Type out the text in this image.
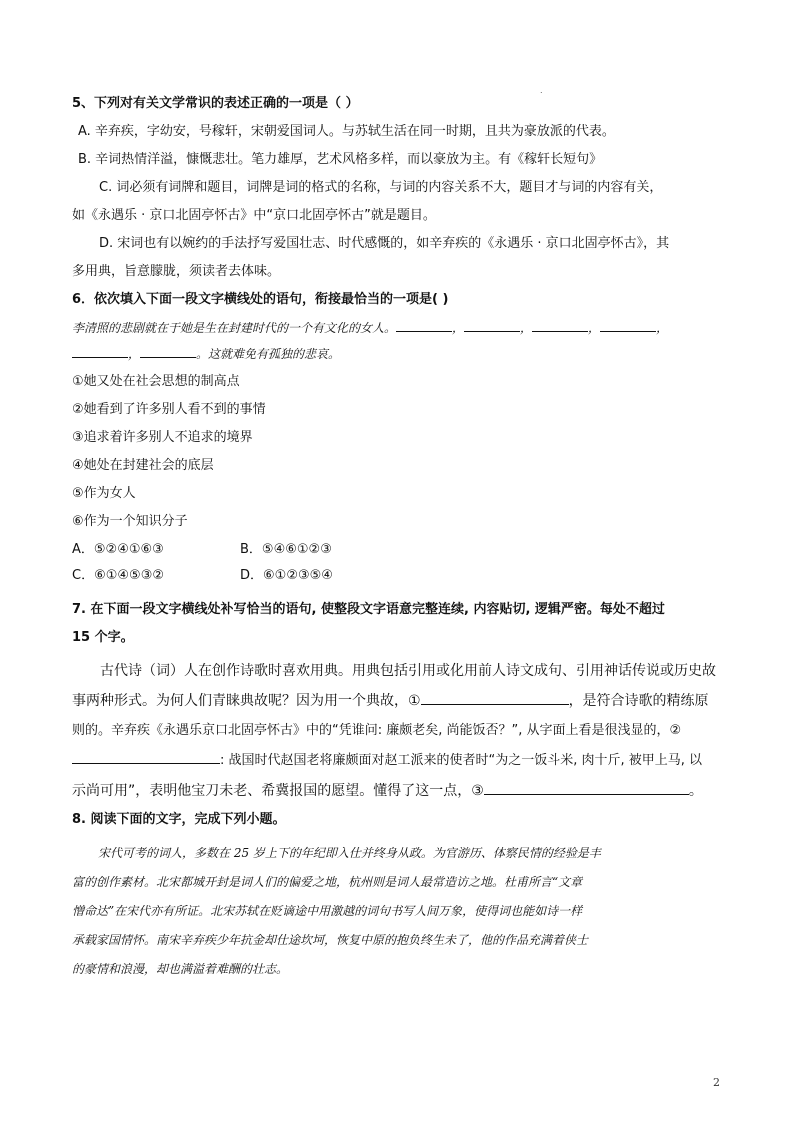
.

5、下列对有关文学常识的表述正确的一项是（ ）

A. 辛弃疾，字幼安，号稼轩，宋朝爱国词人。与苏轼生活在同一时期，且共为豪放派的代表。

B. 辛词热情洋溢，慷慨悲壮。笔力雄厚，艺术风格多样，而以豪放为主。有《稼轩长短句》

C. 词必须有词牌和题目，词牌是词的格式的名称，与词的内容关系不大，题目才与词的内容有关，

如《永遇乐 · 京口北固亭怀古》中“京口北固亭怀古”就是题目。

D. 宋词也有以婉约的手法抒写爱国壮志、时代感慨的，如辛弃疾的《永遇乐 · 京口北固亭怀古》，其

多用典，旨意朦胧，须读者去体味。

6．依次填入下面一段文字横线处的语句，衔接最恰当的一项是( )

李清照的悲剧就在于她是生在封建时代的一个有文化的女人。	，	，	，	，

，	。这就难免有孤独的悲哀。

①她又处在社会思想的制高点

②她看到了许多别人看不到的事情

③追求着许多别人不追求的境界

④她处在封建社会的底层

⑤作为女人

⑥作为一个知识分子

A．⑤②④①⑥③	B．⑤④⑥①②③
C．⑥①④⑤③②	D．⑥①②③⑤④

7. 在下面一段文字横线处补写恰当的语句, 使整段文字语意完整连续, 内容贴切, 逻辑严密。每处不超过

15 个字。

古代诗（词）人在创作诗歌时喜欢用典。用典包括引用或化用前人诗文成句、引用神话传说或历史故

事两种形式。为何人们青睐典故呢？因为用一个典故，①	，是符合诗歌的精练原

则的。辛弃疾《永遇乐京口北固亭怀古》中的“凭谁问: 廉颇老矣, 尚能饭否？”, 从字面上看是很浅显的，②

: 战国时代赵国老将廉颇面对赵工派来的使者时“为之一饭斗米, 肉十斤, 被甲上马, 以

示尚可用”，表明他宝刀未老、希冀报国的愿望。懂得了这一点，③	。

8. 阅读下面的文字，完成下列小题。

宋代可考的词人，多数在 25 岁上下的年纪即入仕并终身从政。为官游历、体察民情的经验是丰

富的创作素材。北宋都城开封是词人们的偏爱之地，杭州则是词人最常造访之地。杜甫所言“文章

憎命达”在宋代亦有所证。北宋苏轼在贬谪途中用激越的词句书写人间万象，使得词也能如诗一样

承载家国情怀。南宋辛弃疾少年抗金却仕途坎坷，恢复中原的抱负终生未了，他的作品充满着侠士

的豪情和浪漫，却也满溢着难酬的壮志。

2
